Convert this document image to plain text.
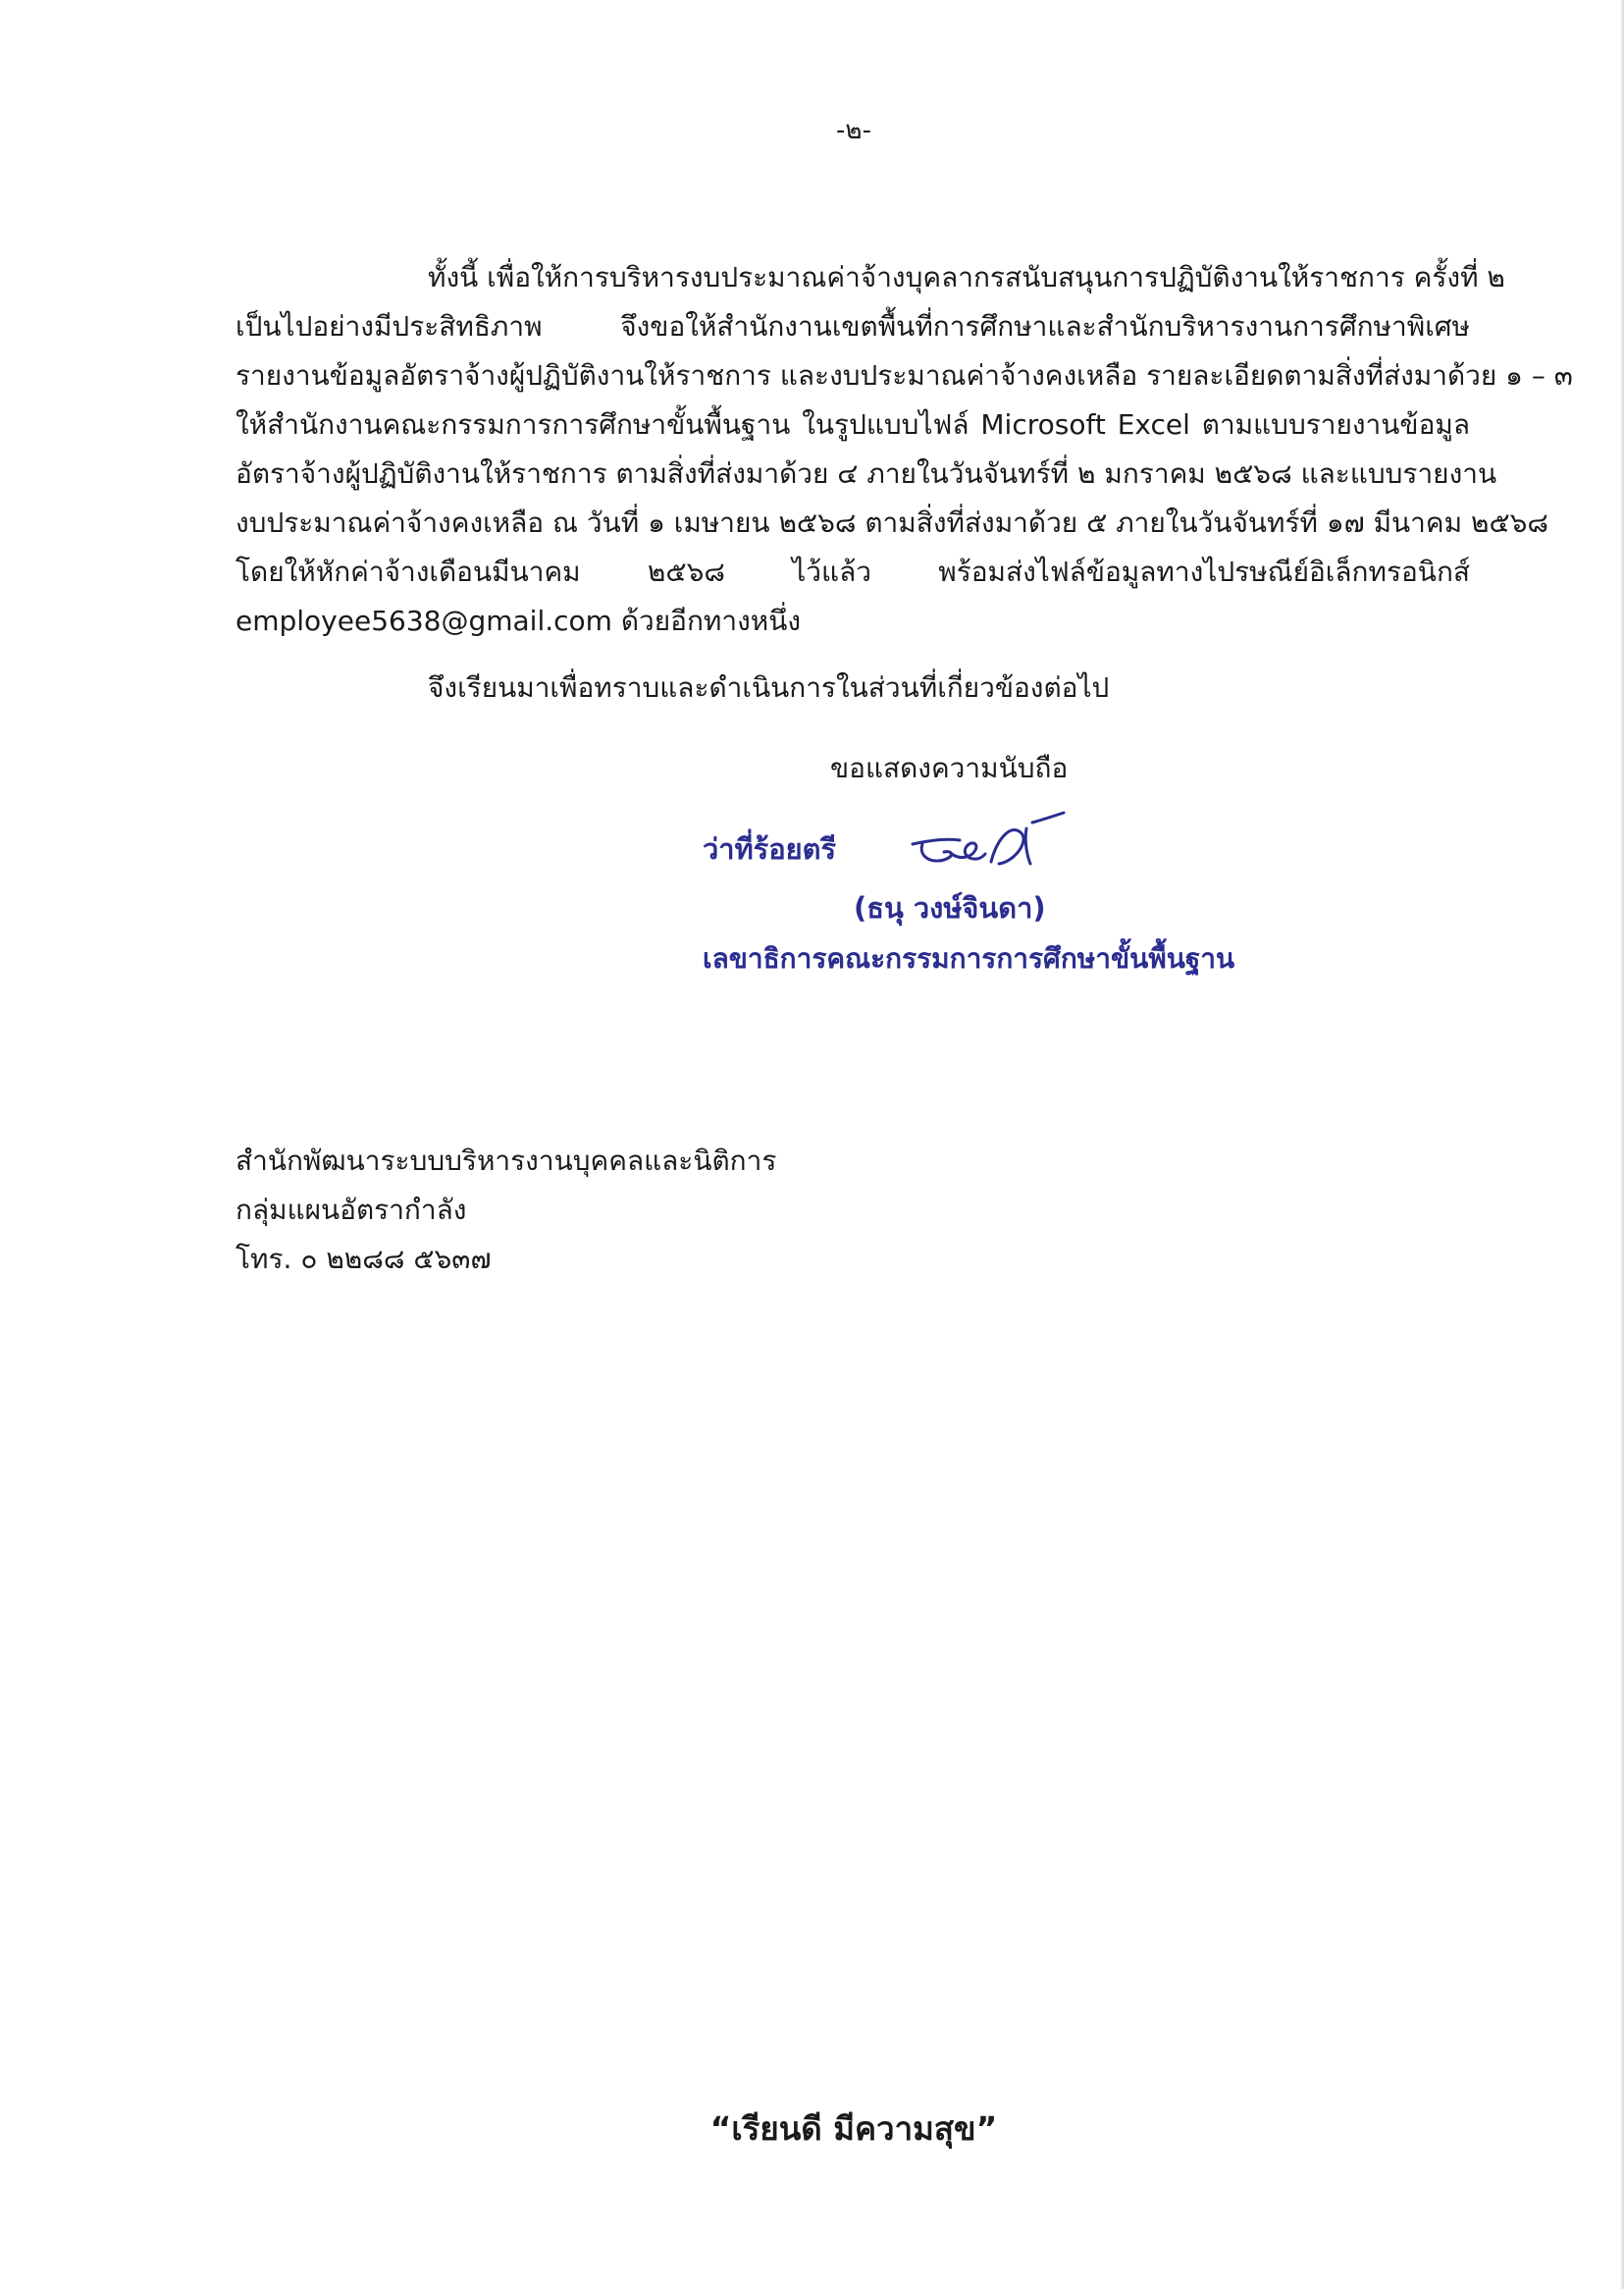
-๒-
ทั้งนี้ เพื่อให้การบริหารงบประมาณค่าจ้างบุคลากรสนับสนุนการปฏิบัติงานให้ราชการ ครั้งที่ ๒
เป็นไปอย่างมีประสิทธิภาพ จึงขอให้สำนักงานเขตพื้นที่การศึกษาและสำนักบริหารงานการศึกษาพิเศษ
รายงานข้อมูลอัตราจ้างผู้ปฏิบัติงานให้ราชการ และงบประมาณค่าจ้างคงเหลือ รายละเอียดตามสิ่งที่ส่งมาด้วย ๑ – ๓
ให้สำนักงานคณะกรรมการการศึกษาขั้นพื้นฐาน ในรูปแบบไฟล์ Microsoft Excel ตามแบบรายงานข้อมูล
อัตราจ้างผู้ปฏิบัติงานให้ราชการ ตามสิ่งที่ส่งมาด้วย ๔ ภายในวันจันทร์ที่ ๒ มกราคม ๒๕๖๘ และแบบรายงาน
งบประมาณค่าจ้างคงเหลือ ณ วันที่ ๑ เมษายน ๒๕๖๘ ตามสิ่งที่ส่งมาด้วย ๕ ภายในวันจันทร์ที่ ๑๗ มีนาคม ๒๕๖๘
โดยให้หักค่าจ้างเดือนมีนาคม ๒๕๖๘ ไว้แล้ว พร้อมส่งไฟล์ข้อมูลทางไปรษณีย์อิเล็กทรอนิกส์
employee5638@gmail.com ด้วยอีกทางหนึ่ง
จึงเรียนมาเพื่อทราบและดำเนินการในส่วนที่เกี่ยวข้องต่อไป
ขอแสดงความนับถือ
ว่าที่ร้อยตรี
(ธนุ วงษ์จินดา)
เลขาธิการคณะกรรมการการศึกษาขั้นพื้นฐาน
สำนักพัฒนาระบบบริหารงานบุคคลและนิติการ
กลุ่มแผนอัตรากำลัง
โทร. ๐ ๒๒๘๘ ๕๖๓๗
“เรียนดี มีความสุข”
